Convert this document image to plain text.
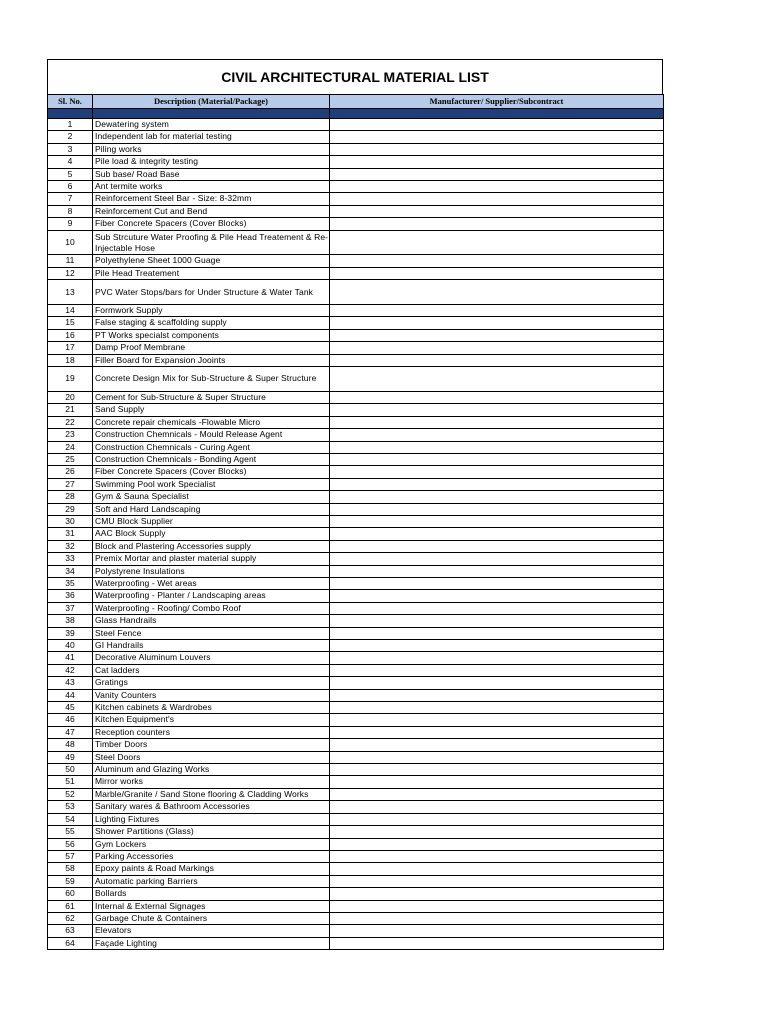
CIVIL ARCHITECTURAL MATERIAL LIST
Sl. No.	Description (Material/Package)	Manufacturer/ Supplier/Subcontract

1	Dewatering system	
2	Independent lab for material testing	
3	Piling works	
4	Pile load & integrity testing	
5	Sub base/ Road Base	
6	Ant termite works	
7	Reinforcement Steel Bar - Size: 8-32mm	
8	Reinforcement Cut and Bend	
9	Fiber Concrete Spacers (Cover Blocks)	
10	Sub Strcuture Water Proofing & Pile Head Treatement & Re-Injectable Hose	
11	Polyethylene Sheet 1000 Guage	
12	Pile Head Treatement	
13	PVC Water Stops/bars for Under Structure & Water Tank	
14	Formwork Supply	
15	False staging & scaffolding supply	
16	PT Works specialst components	
17	Damp Proof Membrane	
18	Filler Board for Expansion Jooints	
19	Concrete Design Mix for Sub-Structure & Super Structure	
20	Cement for Sub-Structure & Super Structure	
21	Sand Supply	
22	Concrete repair chemicals -Flowable Micro	
23	Construction Chemnicals - Mould Release Agent	
24	Construction Chemnicals - Curing Agent	
25	Construction Chemnicals - Bonding Agent	
26	Fiber Concrete Spacers (Cover Blocks)	
27	Swimming Pool work Specialist	
28	Gym & Sauna Specialist	
29	Soft and Hard Landscaping	
30	CMU Block Supplier	
31	AAC Block Supply	
32	Block and Plastering Accessories supply	
33	Premix Mortar and plaster material supply	
34	Polystyrene Insulations	
35	Waterproofing - Wet areas	
36	Waterproofing - Planter / Landscaping areas	
37	Waterproofing - Roofing/ Combo Roof	
38	Glass Handrails	
39	Steel Fence	
40	GI Handrails	
41	Decorative Aluminum Louvers	
42	Cat ladders	
43	Gratings	
44	Vanity Counters	
45	Kitchen cabinets & Wardrobes	
46	Kitchen Equipment's	
47	Reception counters	
48	Timber Doors	
49	Steel Doors	
50	Aluminum and Glazing Works	
51	Mirror works	
52	Marble/Granite / Sand Stone flooring & Cladding Works	
53	Sanitary wares & Bathroom Accessories	
54	Lighting Fixtures	
55	Shower Partitions (Glass)	
56	Gym Lockers	
57	Parking Accessories	
58	Epoxy paints & Road Markings	
59	Automatic parking Barriers	
60	Bollards	
61	Internal & External Signages	
62	Garbage Chute & Containers	
63	Elevators	
64	Façade Lighting	
